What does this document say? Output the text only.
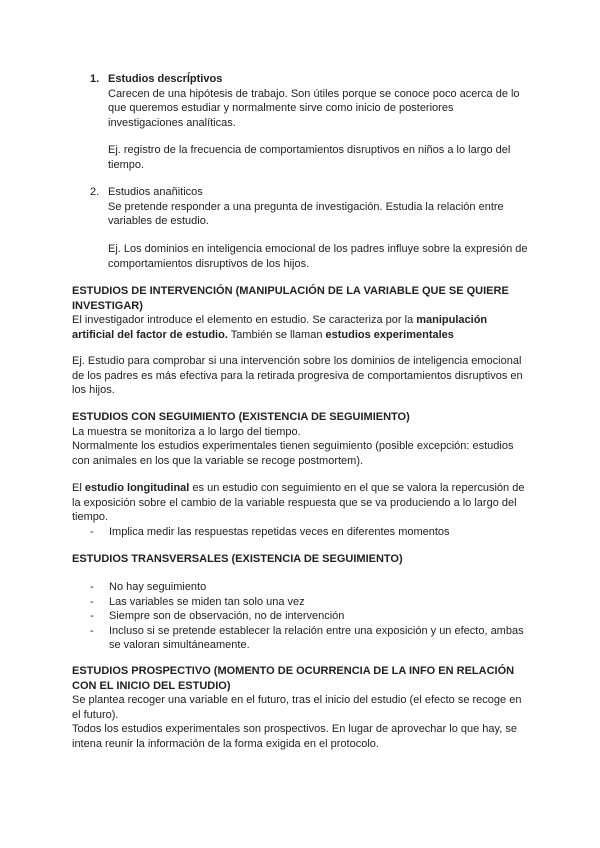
1. Estudios descrÍptivos

Carecen de una hipótesis de trabajo. Son útiles porque se conoce poco acerca de lo que queremos estudiar y normalmente sirve como inicio de posteriores investigaciones analíticas.

Ej. registro de la frecuencia de comportamientos disruptivos en niños a lo largo del tiempo.

2. Estudios anañiticos

Se pretende responder a una pregunta de investigación. Estudia la relación entre variables de estudio.

Ej. Los dominios en inteligencia emocional de los padres influye sobre la expresión de comportamientos disruptivos de los hijos.

ESTUDIOS DE INTERVENCIÓN (MANIPULACIÓN DE LA VARIABLE QUE SE QUIERE INVESTIGAR)

El investigador introduce el elemento en estudio. Se caracteriza por la manipulación artificial del factor de estudio. También se llaman estudios experimentales

Ej. Estudio para comprobar si una intervención sobre los dominios de inteligencia emocional de los padres es más efectiva para la retirada progresiva de comportamientos disruptivos en los hijos.

ESTUDIOS CON SEGUIMIENTO (EXISTENCIA DE SEGUIMIENTO)

La muestra se monitoriza a lo largo del tiempo.

Normalmente los estudios experimentales tienen seguimiento (posible excepción: estudios con animales en los que la variable se recoge postmortem).

El estudio longitudinal es un estudio con seguimiento en el que se valora la repercusión de la exposición sobre el cambio de la variable respuesta que se va produciendo a lo largo del tiempo.

- Implica medir las respuestas repetidas veces en diferentes momentos

ESTUDIOS TRANSVERSALES (EXISTENCIA DE SEGUIMIENTO)

- No hay seguimiento
- Las variables se miden tan solo una vez
- Siempre son de observación, no de intervención
- Incluso si se pretende establecer la relación entre una exposición y un efecto, ambas se valoran simultáneamente.

ESTUDIOS PROSPECTIVO (MOMENTO DE OCURRENCIA DE LA INFO EN RELACIÓN CON EL INICIO DEL ESTUDIO)

Se plantea recoger una variable en el futuro, tras el inicio del estudio (el efecto se recoge en el futuro).

Todos los estudios experimentales son prospectivos. En lugar de aprovechar lo que hay, se intena reunir la información de la forma exigida en el protocolo.
